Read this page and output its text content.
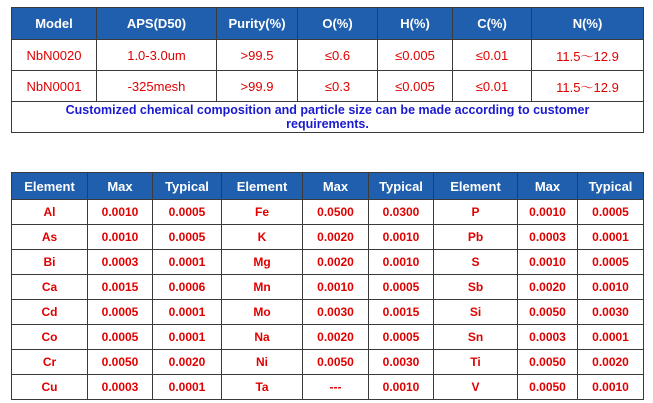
Model	APS(D50)	Purity(%)	O(%)	H(%)	C(%)	N(%)
NbN0020	1.0-3.0um	>99.5	≤0.6	≤0.005	≤0.01	11.5～12.9
NbN0001	-325mesh	>99.9	≤0.3	≤0.005	≤0.01	11.5～12.9
Customized chemical composition and particle size can be made according to customer requirements.						
Element	Max	Typical	Element	Max	Typical	Element	Max	Typical
Al	0.0010	0.0005	Fe	0.0500	0.0300	P	0.0010	0.0005
As	0.0010	0.0005	K	0.0020	0.0010	Pb	0.0003	0.0001
Bi	0.0003	0.0001	Mg	0.0020	0.0010	S	0.0010	0.0005
Ca	0.0015	0.0006	Mn	0.0010	0.0005	Sb	0.0020	0.0010
Cd	0.0005	0.0001	Mo	0.0030	0.0015	Si	0.0050	0.0030
Co	0.0005	0.0001	Na	0.0020	0.0005	Sn	0.0003	0.0001
Cr	0.0050	0.0020	Ni	0.0050	0.0030	Ti	0.0050	0.0020
Cu	0.0003	0.0001	Ta	---	0.0010	V	0.0050	0.0010
